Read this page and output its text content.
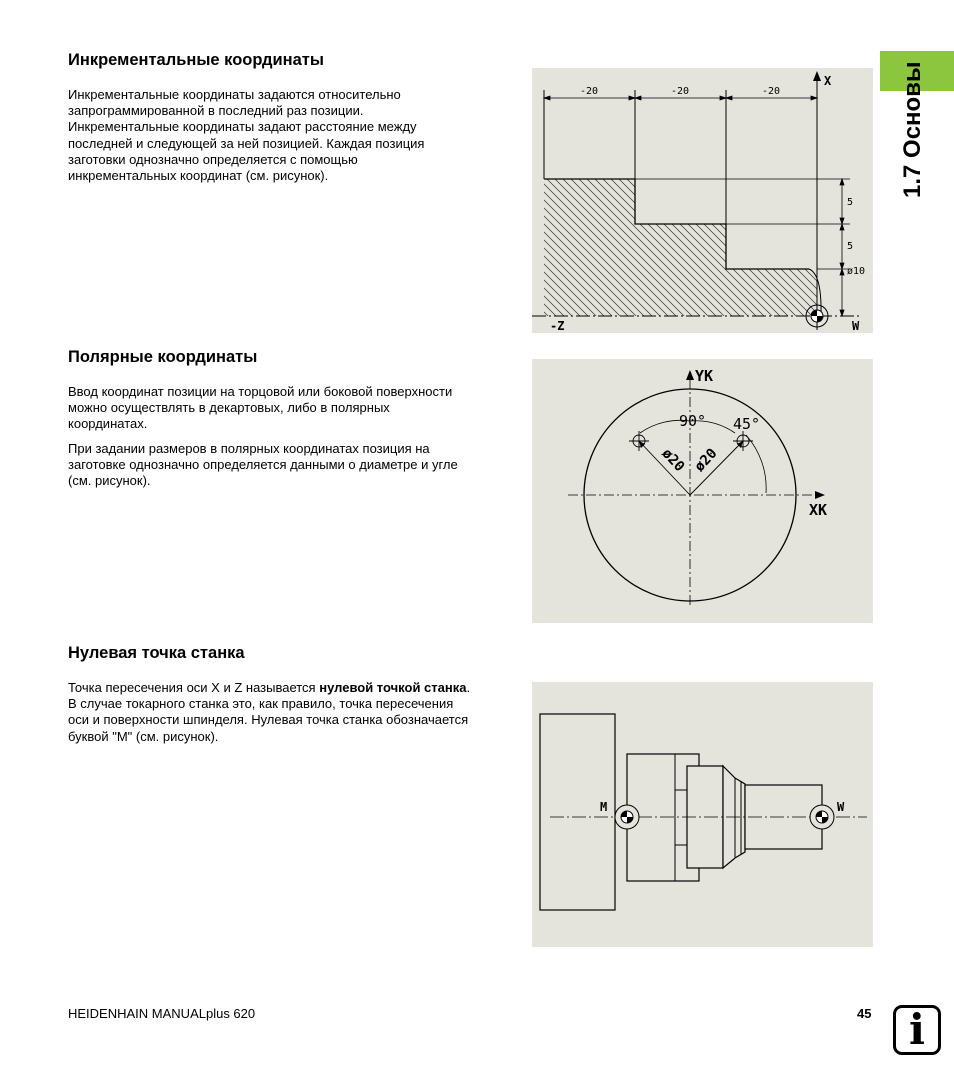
1.7 Основы
Инкрементальные координаты

Инкрементальные координаты задаются относительно
запрограммированной в последний раз позиции.
Инкрементальные координаты задают расстояние между
последней и следующей за ней позицией. Каждая позиция
заготовки однозначно определяется с помощью
инкрементальных координат (см. рисунок).

-20	-20	-20
5
5
ø10
X
-Z	W
Полярные координаты

Ввод координат позиции на торцовой или боковой поверхности
можно осуществлять в декартовых, либо в полярных
координатах.

При задании размеров в полярных координатах позиция на
заготовке однозначно определяется данными о диаметре и угле
(см. рисунок).

YK
XK
90° 45°
ø20 ø20
Нулевая точка станка

Точка пересечения оси X и Z называется нулевой точкой станка.
В случае токарного станка это, как правило, точка пересечения
оси и поверхности шпинделя. Нулевая точка станка обозначается
буквой "M" (см. рисунок).

M	W
HEIDENHAIN MANUALplus 620	45 i
